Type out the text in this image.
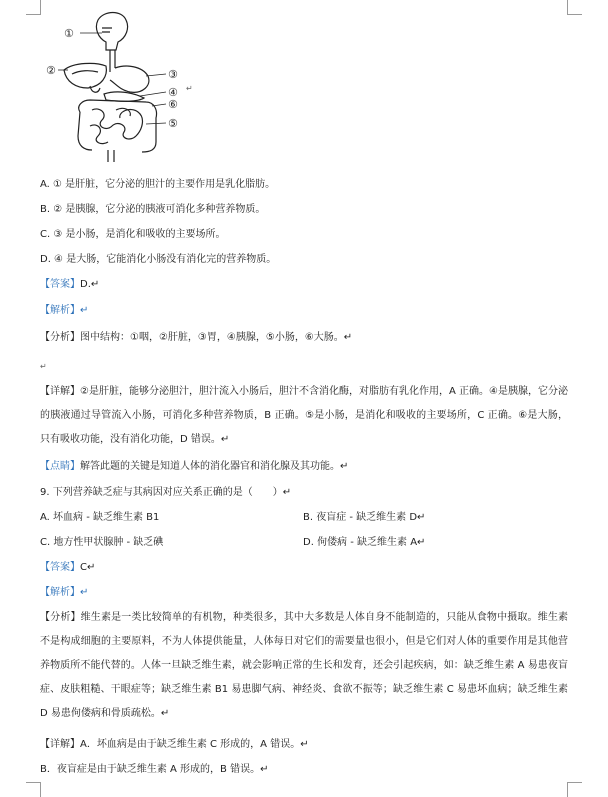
①
②	③
④
⑥
⑤
↵
A. ① 是肝脏，它分泌的胆汁的主要作用是乳化脂肪。
B. ② 是胰腺，它分泌的胰液可消化多种营养物质。
C. ③ 是小肠，是消化和吸收的主要场所。
D. ④ 是大肠，它能消化小肠没有消化完的营养物质。
【答案】D.↵
【解析】↵
【分析】图中结构：①咽，②肝脏，③胃，④胰腺，⑤小肠，⑥大肠。↵
↵
【详解】②是肝脏，能够分泌胆汁，胆汁流入小肠后，胆汁不含消化酶，对脂肪有乳化作用，A 正确。④是胰腺，它分泌的胰液通过导管流入小肠，可消化多种营养物质，B 正确。⑤是小肠，是消化和吸收的主要场所，C 正确。⑥是大肠，只有吸收功能，没有消化功能，D 错误。↵
【点睛】解答此题的关键是知道人体的消化器官和消化腺及其功能。↵
9. 下列营养缺乏症与其病因对应关系正确的是（　　）↵
A. 坏血病 - 缺乏维生素 B1	B. 夜盲症 - 缺乏维生素 D↵
C. 地方性甲状腺肿 - 缺乏碘	D. 佝偻病 - 缺乏维生素 A↵
【答案】C↵
【解析】↵
【分析】维生素是一类比较简单的有机物，种类很多，其中大多数是人体自身不能制造的，只能从食物中摄取。维生素不是构成细胞的主要原料，不为人体提供能量，人体每日对它们的需要量也很小，但是它们对人体的重要作用是其他营养物质所不能代替的。人体一旦缺乏维生素，就会影响正常的生长和发育，还会引起疾病，如：缺乏维生素 A 易患夜盲症、皮肤粗糙、干眼症等；缺乏维生素 B1 易患脚气病、神经炎、食欲不振等；缺乏维生素 C 易患坏血病；缺乏维生素 D 易患佝偻病和骨质疏松。↵
【详解】A．坏血病是由于缺乏维生素 C 形成的，A 错误。↵
B．夜盲症是由于缺乏维生素 A 形成的，B 错误。↵
